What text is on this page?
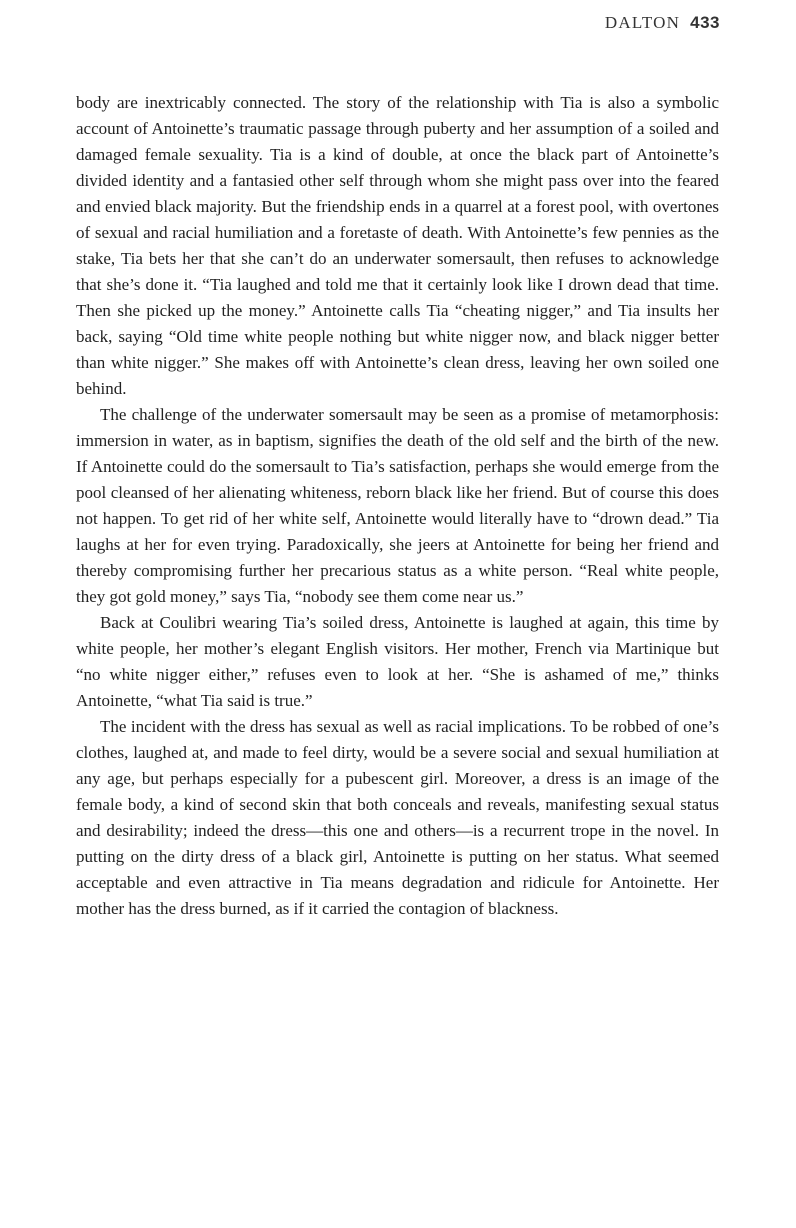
DALTON 433

body are inextricably connected. The story of the relationship with Tia is also a symbolic account of Antoinette’s traumatic passage through puberty and her assumption of a soiled and damaged female sexuality. Tia is a kind of double, at once the black part of Antoinette’s divided identity and a fantasied other self through whom she might pass over into the feared and envied black majority. But the friendship ends in a quarrel at a forest pool, with overtones of sexual and racial humiliation and a foretaste of death. With Antoinette’s few pennies as the stake, Tia bets her that she can’t do an underwater somersault, then refuses to acknowledge that she’s done it. “Tia laughed and told me that it certainly look like I drown dead that time. Then she picked up the money.” Antoinette calls Tia “cheating nigger,” and Tia insults her back, saying “Old time white people nothing but white nigger now, and black nigger better than white nigger.” She makes off with Antoinette’s clean dress, leaving her own soiled one behind.

The challenge of the underwater somersault may be seen as a promise of metamorphosis: immersion in water, as in baptism, signifies the death of the old self and the birth of the new. If Antoinette could do the somersault to Tia’s satisfaction, perhaps she would emerge from the pool cleansed of her alienating whiteness, reborn black like her friend. But of course this does not happen. To get rid of her white self, Antoinette would literally have to “drown dead.” Tia laughs at her for even trying. Paradoxically, she jeers at Antoinette for being her friend and thereby compromising further her precarious status as a white person. “Real white people, they got gold money,” says Tia, “nobody see them come near us.”

Back at Coulibri wearing Tia’s soiled dress, Antoinette is laughed at again, this time by white people, her mother’s elegant English visitors. Her mother, French via Martinique but “no white nigger either,” refuses even to look at her. “She is ashamed of me,” thinks Antoinette, “what Tia said is true.”

The incident with the dress has sexual as well as racial implications. To be robbed of one’s clothes, laughed at, and made to feel dirty, would be a severe social and sexual humiliation at any age, but perhaps especially for a pubescent girl. Moreover, a dress is an image of the female body, a kind of second skin that both conceals and reveals, manifesting sexual status and desirability; indeed the dress—this one and others—is a recurrent trope in the novel. In putting on the dirty dress of a black girl, Antoinette is putting on her status. What seemed acceptable and even attractive in Tia means degradation and ridicule for Antoinette. Her mother has the dress burned, as if it carried the contagion of blackness.
